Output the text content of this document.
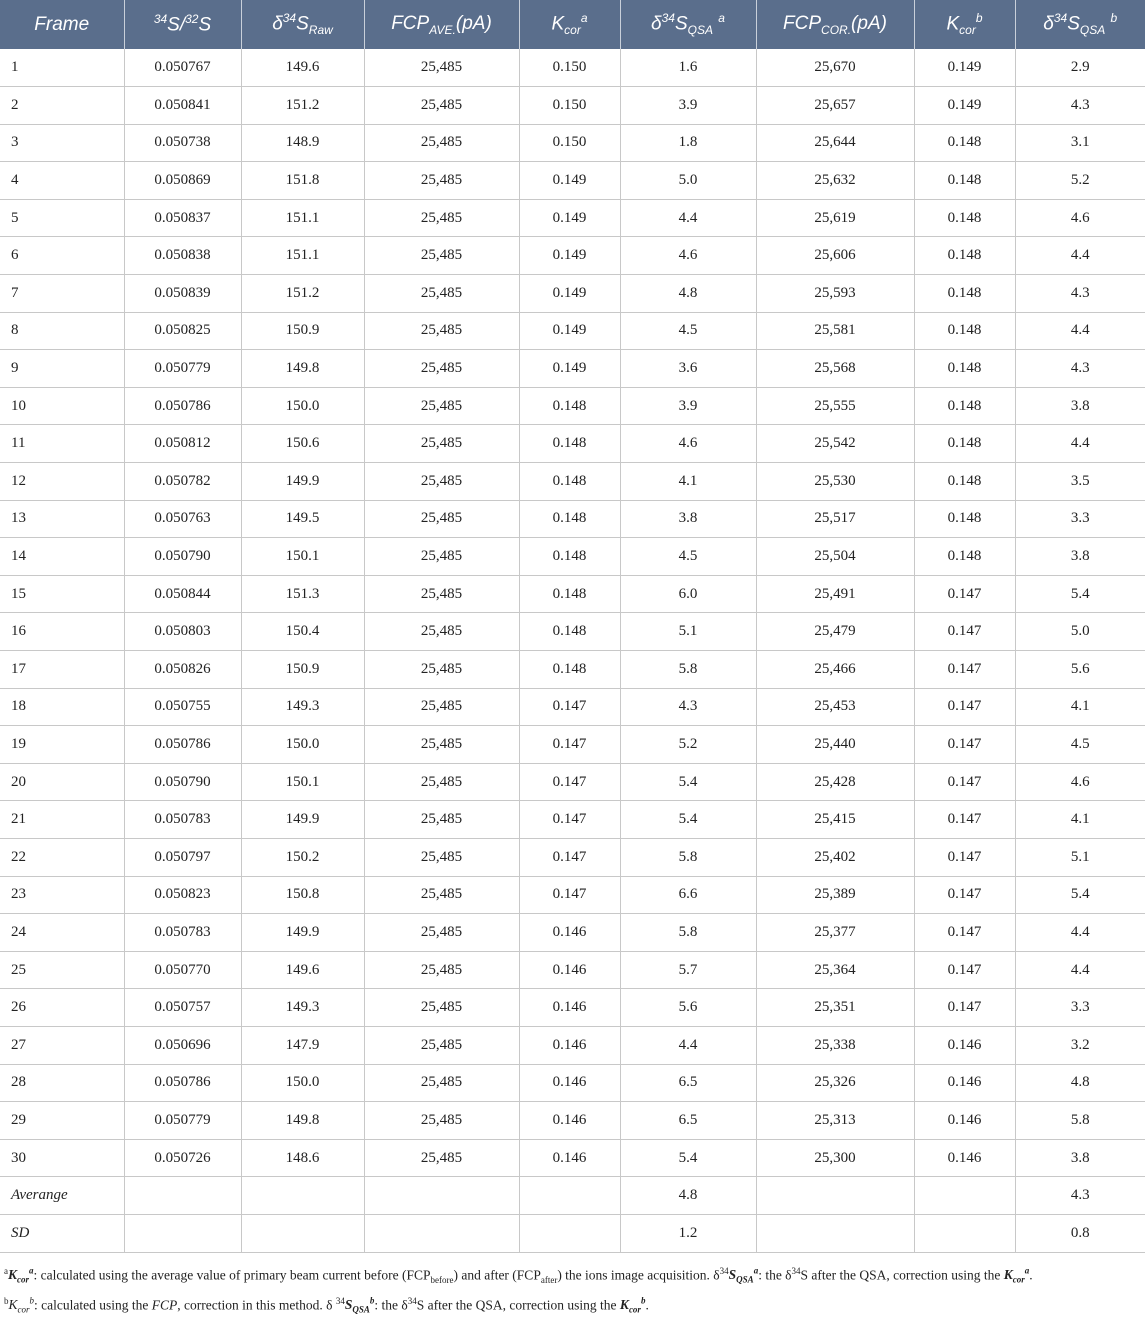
Frame	$^{34}$S/$^{32}$S	$\delta^{34}S_{Raw}$	$FCP_{AVE.}(pA)$	$K_{cor}^a$	$\delta^{34}S_{QSA}$ $^a$	$FCP_{COR.}(pA)$	$K_{cor}^b$	$\delta^{34}S_{QSA}$ $^b$
1	0.050767	149.6	25,485	0.150	1.6	25,670	0.149	2.9
2	0.050841	151.2	25,485	0.150	3.9	25,657	0.149	4.3
3	0.050738	148.9	25,485	0.150	1.8	25,644	0.148	3.1
4	0.050869	151.8	25,485	0.149	5.0	25,632	0.148	5.2
5	0.050837	151.1	25,485	0.149	4.4	25,619	0.148	4.6
6	0.050838	151.1	25,485	0.149	4.6	25,606	0.148	4.4
7	0.050839	151.2	25,485	0.149	4.8	25,593	0.148	4.3
8	0.050825	150.9	25,485	0.149	4.5	25,581	0.148	4.4
9	0.050779	149.8	25,485	0.149	3.6	25,568	0.148	4.3
10	0.050786	150.0	25,485	0.148	3.9	25,555	0.148	3.8
11	0.050812	150.6	25,485	0.148	4.6	25,542	0.148	4.4
12	0.050782	149.9	25,485	0.148	4.1	25,530	0.148	3.5
13	0.050763	149.5	25,485	0.148	3.8	25,517	0.148	3.3
14	0.050790	150.1	25,485	0.148	4.5	25,504	0.148	3.8
15	0.050844	151.3	25,485	0.148	6.0	25,491	0.147	5.4
16	0.050803	150.4	25,485	0.148	5.1	25,479	0.147	5.0
17	0.050826	150.9	25,485	0.148	5.8	25,466	0.147	5.6
18	0.050755	149.3	25,485	0.147	4.3	25,453	0.147	4.1
19	0.050786	150.0	25,485	0.147	5.2	25,440	0.147	4.5
20	0.050790	150.1	25,485	0.147	5.4	25,428	0.147	4.6
21	0.050783	149.9	25,485	0.147	5.4	25,415	0.147	4.1
22	0.050797	150.2	25,485	0.147	5.8	25,402	0.147	5.1
23	0.050823	150.8	25,485	0.147	6.6	25,389	0.147	5.4
24	0.050783	149.9	25,485	0.146	5.8	25,377	0.147	4.4
25	0.050770	149.6	25,485	0.146	5.7	25,364	0.147	4.4
26	0.050757	149.3	25,485	0.146	5.6	25,351	0.147	3.3
27	0.050696	147.9	25,485	0.146	4.4	25,338	0.146	3.2
28	0.050786	150.0	25,485	0.146	6.5	25,326	0.146	4.8
29	0.050779	149.8	25,485	0.146	6.5	25,313	0.146	5.8
30	0.050726	148.6	25,485	0.146	5.4	25,300	0.146	3.8
Averange					4.8			4.3
SD					1.2			0.8
$^aK_{cor}^a$: calculated using the average value of primary beam current before $(FCP_{before})$ and after $(FCP_{after})$ the ions image acquisition. $\delta^{34}S_{QSA}^a$: the $\delta^{34}S$ after the QSA, correction using the $K_{cor}^a$.
$^bK_{cor}^b$: calculated using the FCP, correction in this method. δ $^{34}S_{QSA}^b$: the $\delta^{34}S$ after the QSA, correction using the $K_{cor}^b$.
